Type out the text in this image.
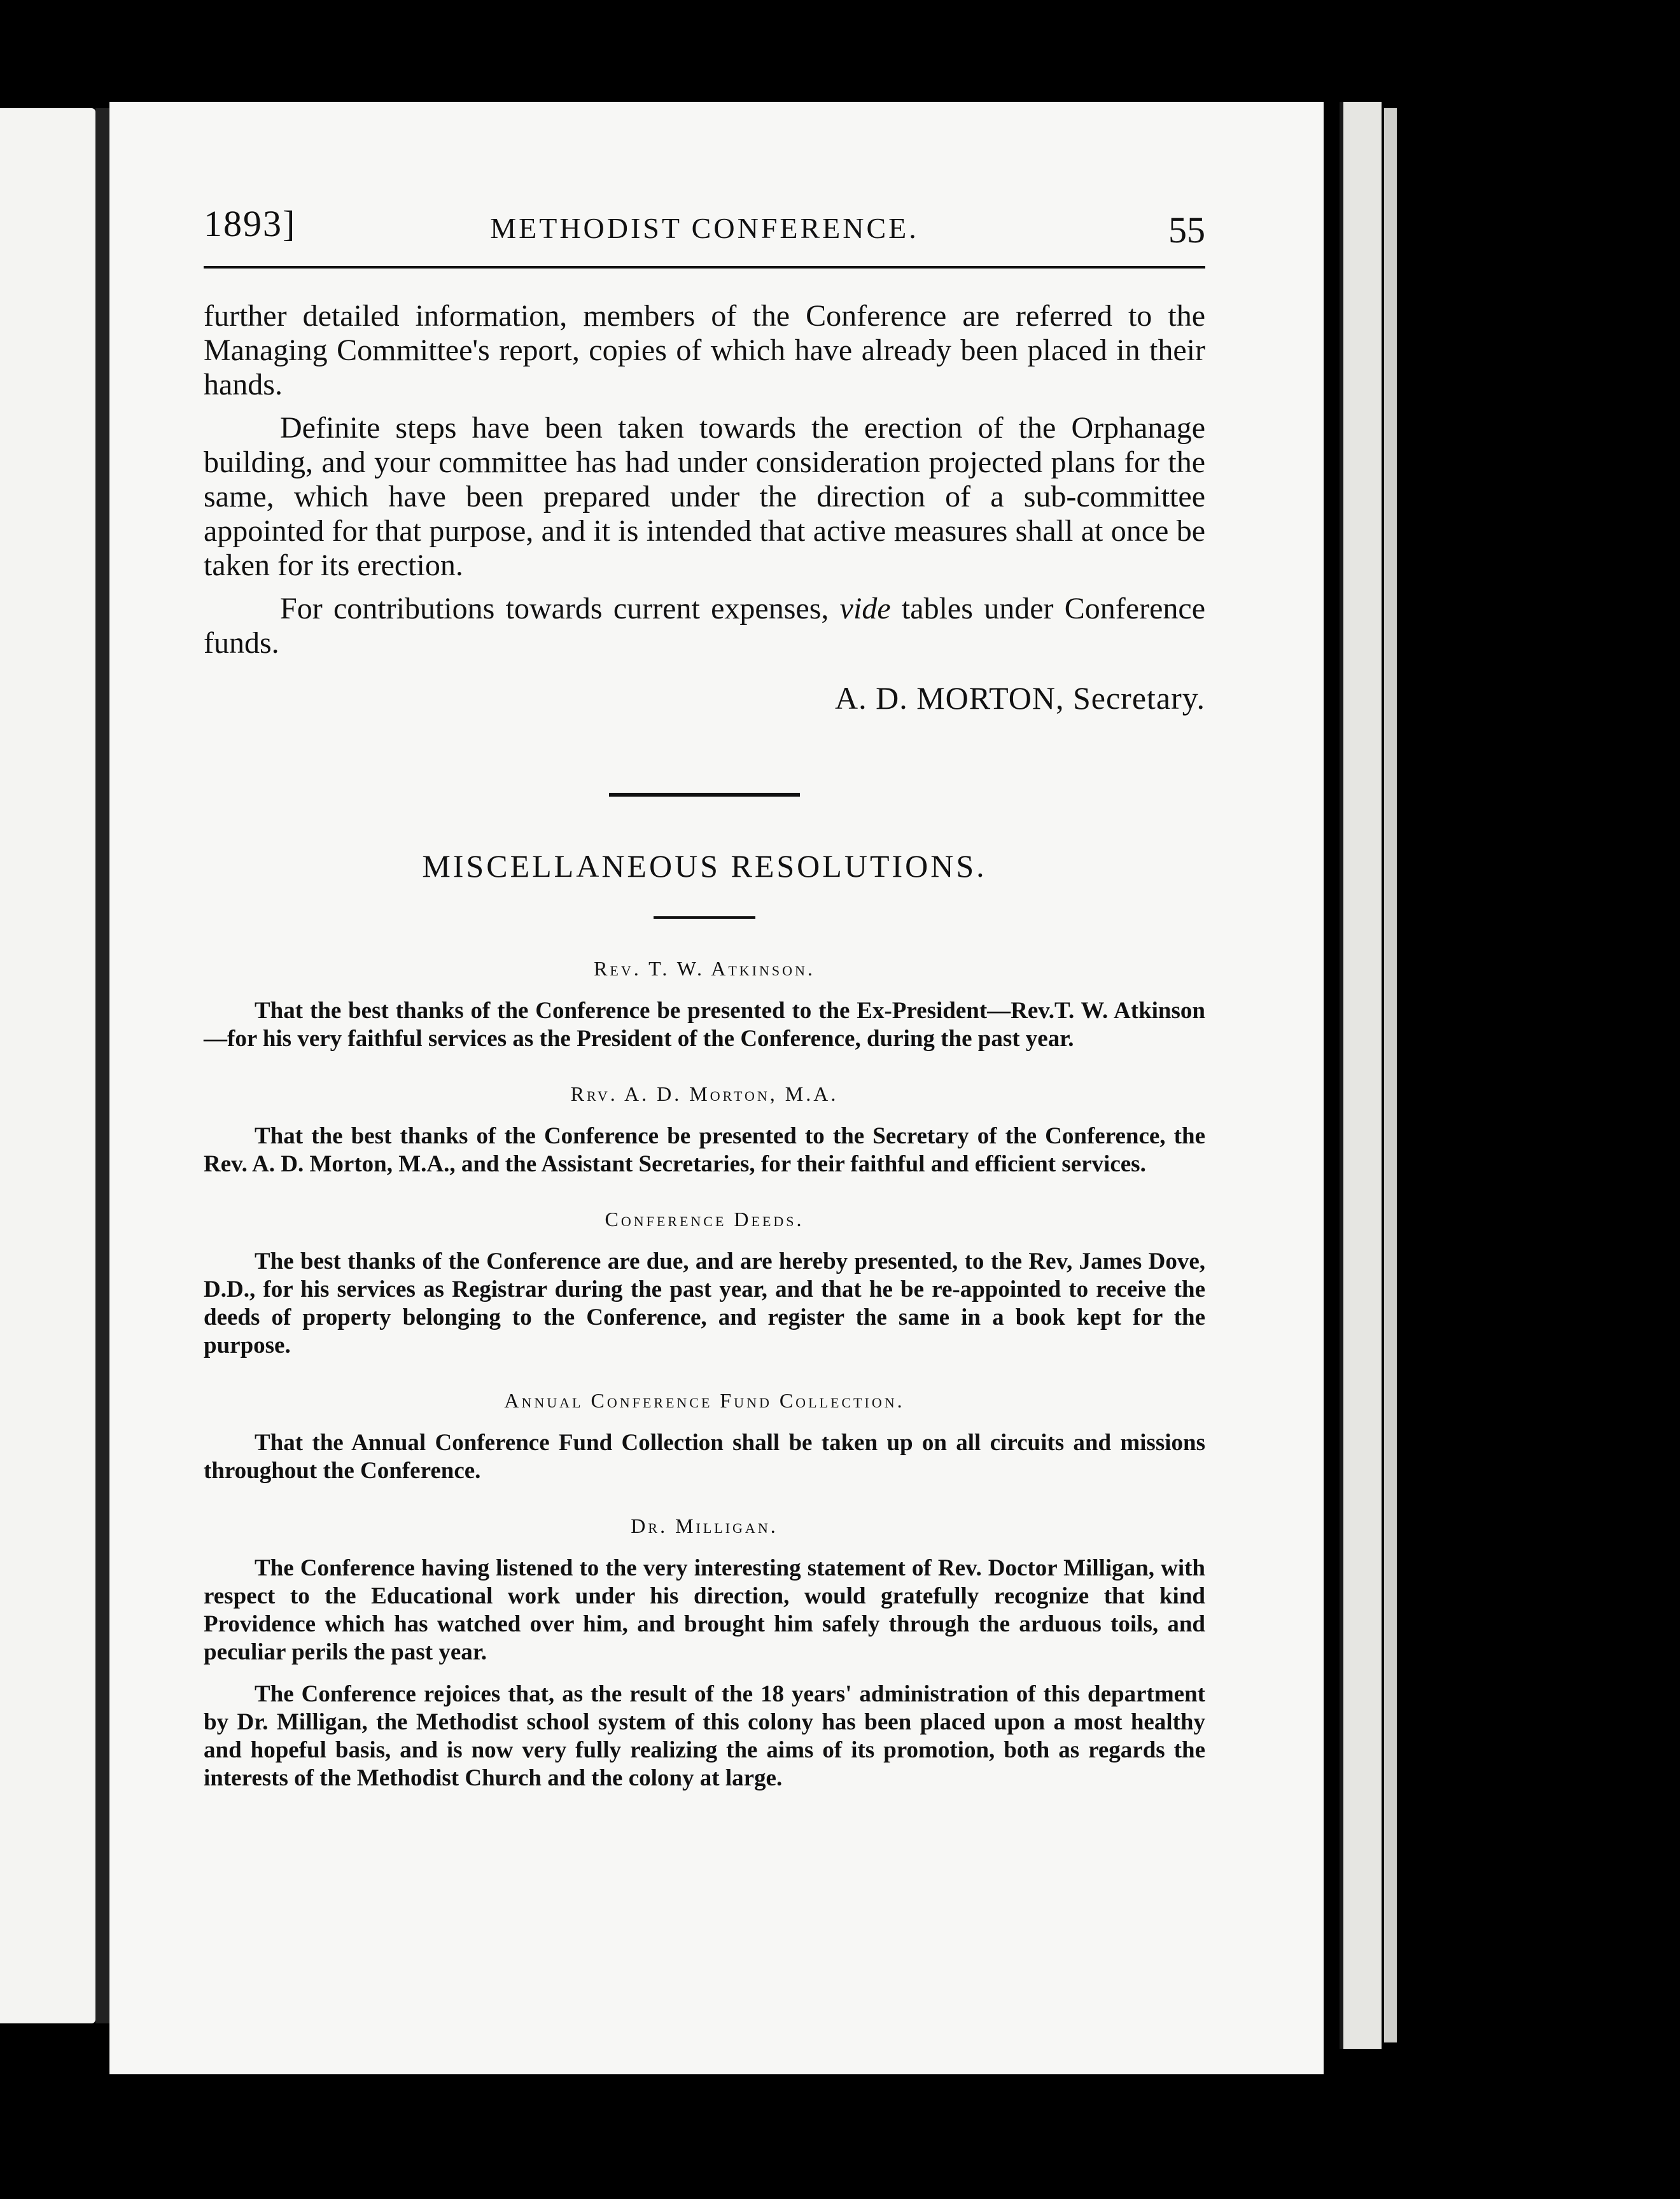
1893]	METHODIST CONFERENCE.	55

further detailed information, members of the Conference are referred to the Managing Committee's report, copies of which have already been placed in their hands.

Definite steps have been taken towards the erection of the Orphanage building, and your committee has had under consideration projected plans for the same, which have been prepared under the direction of a sub-committee appointed for that purpose, and it is intended that active measures shall at once be taken for its erection.

For contributions towards current expenses, vide tables under Conference funds.

A. D. MORTON, Secretary.
MISCELLANEOUS RESOLUTIONS.
Rev. T. W. Atkinson.

That the best thanks of the Conference be presented to the Ex-President—Rev.T. W. Atkinson—for his very faithful services as the President of the Conference, during the past year.

Rrv. A. D. Morton, M.A.

That the best thanks of the Conference be presented to the Secretary of the Conference, the Rev. A. D. Morton, M.A., and the Assistant Secretaries, for their faithful and efficient services.

Conference Deeds.

The best thanks of the Conference are due, and are hereby presented, to the Rev, James Dove, D.D., for his services as Registrar during the past year, and that he be re-appointed to receive the deeds of property belonging to the Conference, and register the same in a book kept for the purpose.

Annual Conference Fund Collection.

That the Annual Conference Fund Collection shall be taken up on all circuits and missions throughout the Conference.

Dr. Milligan.

The Conference having listened to the very interesting statement of Rev. Doctor Milligan, with respect to the Educational work under his direction, would gratefully recognize that kind Providence which has watched over him, and brought him safely through the arduous toils, and peculiar perils the past year.

The Conference rejoices that, as the result of the 18 years' administration of this department by Dr. Milligan, the Methodist school system of this colony has been placed upon a most healthy and hopeful basis, and is now very fully realizing the aims of its promotion, both as regards the interests of the Methodist Church and the colony at large.
